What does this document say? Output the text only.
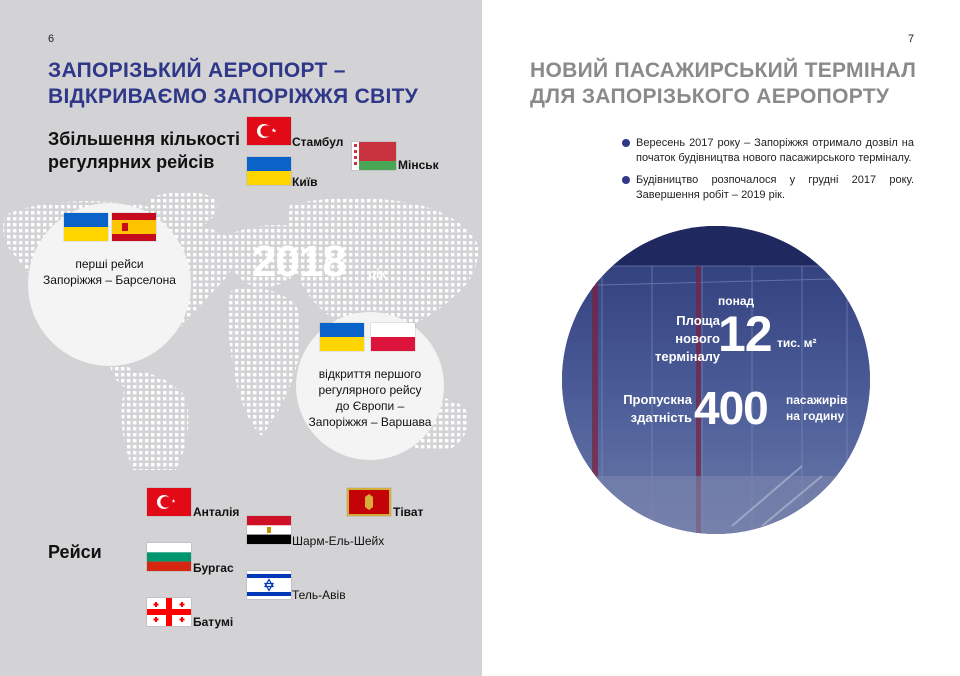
6
ЗАПОРІЗЬКИЙ АЕРОПОРТ –
ВІДКРИВАЄМО ЗАПОРІЖЖЯ СВІТУ
Збільшення кількості
регулярних рейсів
Стамбул
Київ
Мінськ
перші рейси
Запоріжжя – Барселона	2018 рік
відкриття першого
регулярного рейсу
до Європи –
Запоріжжя – Варшава
Рейси
Анталія	Тіват
Шарм-Ель-Шейх
Бургас
Тель-Авів
Батумі
7
НОВИЙ ПАСАЖИРСЬКИЙ ТЕРМІНАЛ
ДЛЯ ЗАПОРІЗЬКОГО АЕРОПОРТУ
Вересень 2017 року – Запоріжжя отримало дозвіл на початок будівництва нового пасажирського терміналу.
Будівництво розпочалося у грудні 2017 року. Завершення робіт – 2019 рік.
Площа
нового
терміналу
понад
12 тис. м²
Пропускна
здатність 400 пасажирів
на годину
